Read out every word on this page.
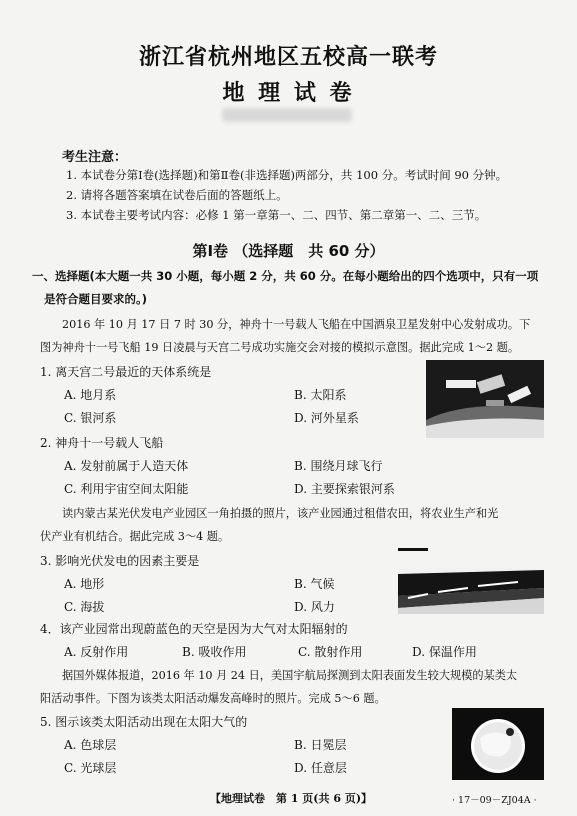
浙江省杭州地区五校高一联考
地 理 试 卷
考生注意：
1. 本试卷分第Ⅰ卷(选择题)和第Ⅱ卷(非选择题)两部分，共 100 分。考试时间 90 分钟。
2. 请将各题答案填在试卷后面的答题纸上。
3. 本试卷主要考试内容：必修 1 第一章第一、二、四节、第二章第一、二、三节。
第Ⅰ卷 （选择题　共 60 分）
一、选择题(本大题一共 30 小题，每小题 2 分，共 60 分。在每小题给出的四个选项中，只有一项
是符合题目要求的。)
2016 年 10 月 17 日 7 时 30 分，神舟十一号载人飞船在中国酒泉卫星发射中心发射成功。下
图为神舟十一号飞船 19 日凌晨与天宫二号成功实施交会对接的模拟示意图。据此完成 1～2 题。
1. 离天宫二号最近的天体系统是
A. 地月系	B. 太阳系
C. 银河系	D. 河外星系
2. 神舟十一号载人飞船
A. 发射前属于人造天体	B. 围绕月球飞行
C. 利用宇宙空间太阳能	D. 主要探索银河系
读内蒙古某光伏发电产业园区一角拍摄的照片，该产业园通过租借农田，将农业生产和光
伏产业有机结合。据此完成 3～4 题。
3. 影响光伏发电的因素主要是
A. 地形	B. 气候
C. 海拔	D. 风力
4．该产业园常出现蔚蓝色的天空是因为大气对太阳辐射的
A. 反射作用	B. 吸收作用	C. 散射作用	D. 保温作用
据国外媒体报道，2016 年 10 月 24 日，美国宇航局探测到太阳表面发生较大规模的某类太
阳活动事件。下图为该类太阳活动爆发高峰时的照片。完成 5～6 题。
5. 图示该类太阳活动出现在太阳大气的
A. 色球层	B. 日冕层
C. 光球层	D. 任意层
【地理试卷　第 1 页(共 6 页)】	· 17－09－ZJ04A ·
